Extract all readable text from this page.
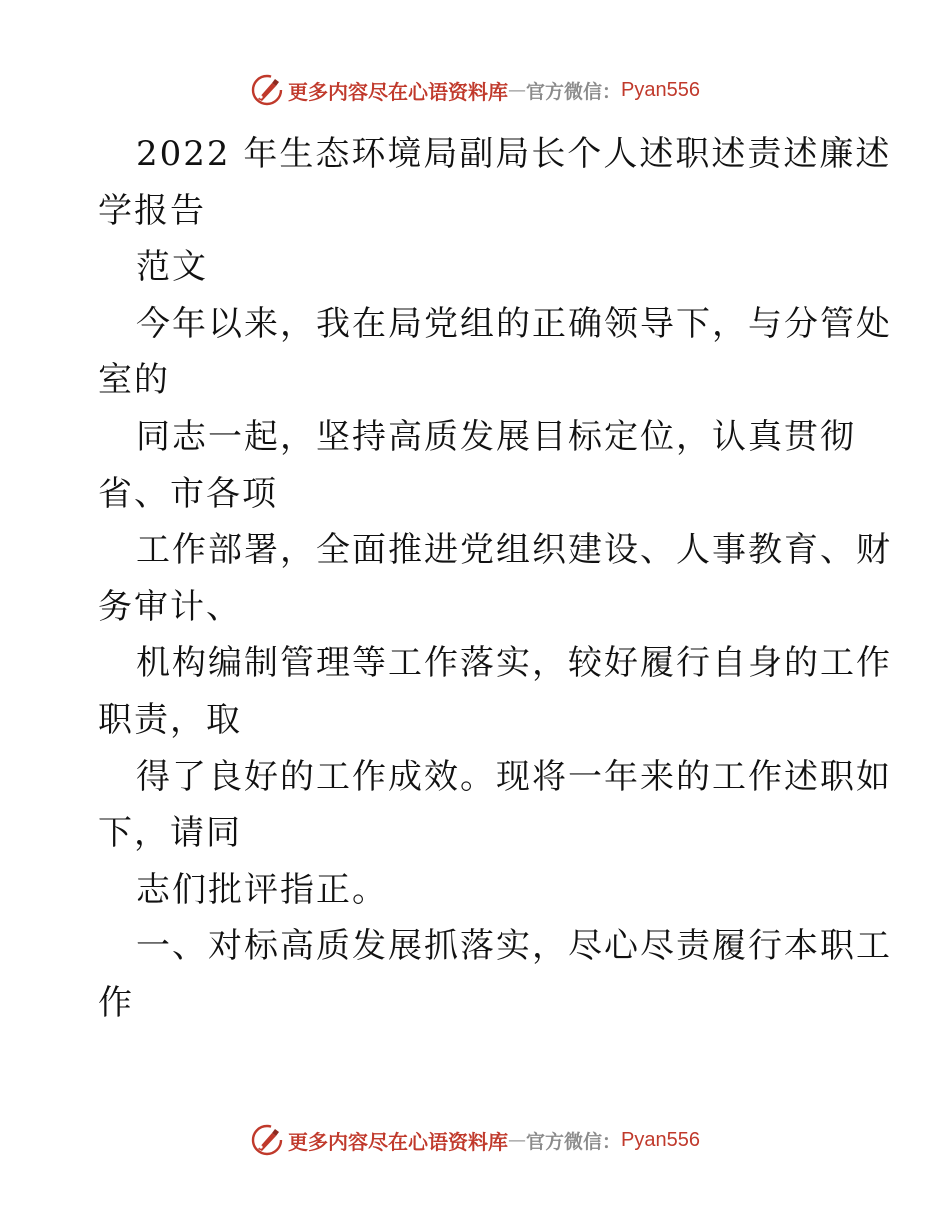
更多内容尽在心语资料库 — 官方微信： Pyan556
2022 年生态环境局副局长个人述职述责述廉述
学报告
范文
今年以来，我在局党组的正确领导下，与分管处
室的
同志一起，坚持高质发展目标定位，认真贯彻
省、市各项
工作部署，全面推进党组织建设、人事教育、财
务审计、
机构编制管理等工作落实，较好履行自身的工作
职责，取
得了良好的工作成效。现将一年来的工作述职如
下，请同
志们批评指正。
一、对标高质发展抓落实，尽心尽责履行本职工
作
更多内容尽在心语资料库 — 官方微信： Pyan556
